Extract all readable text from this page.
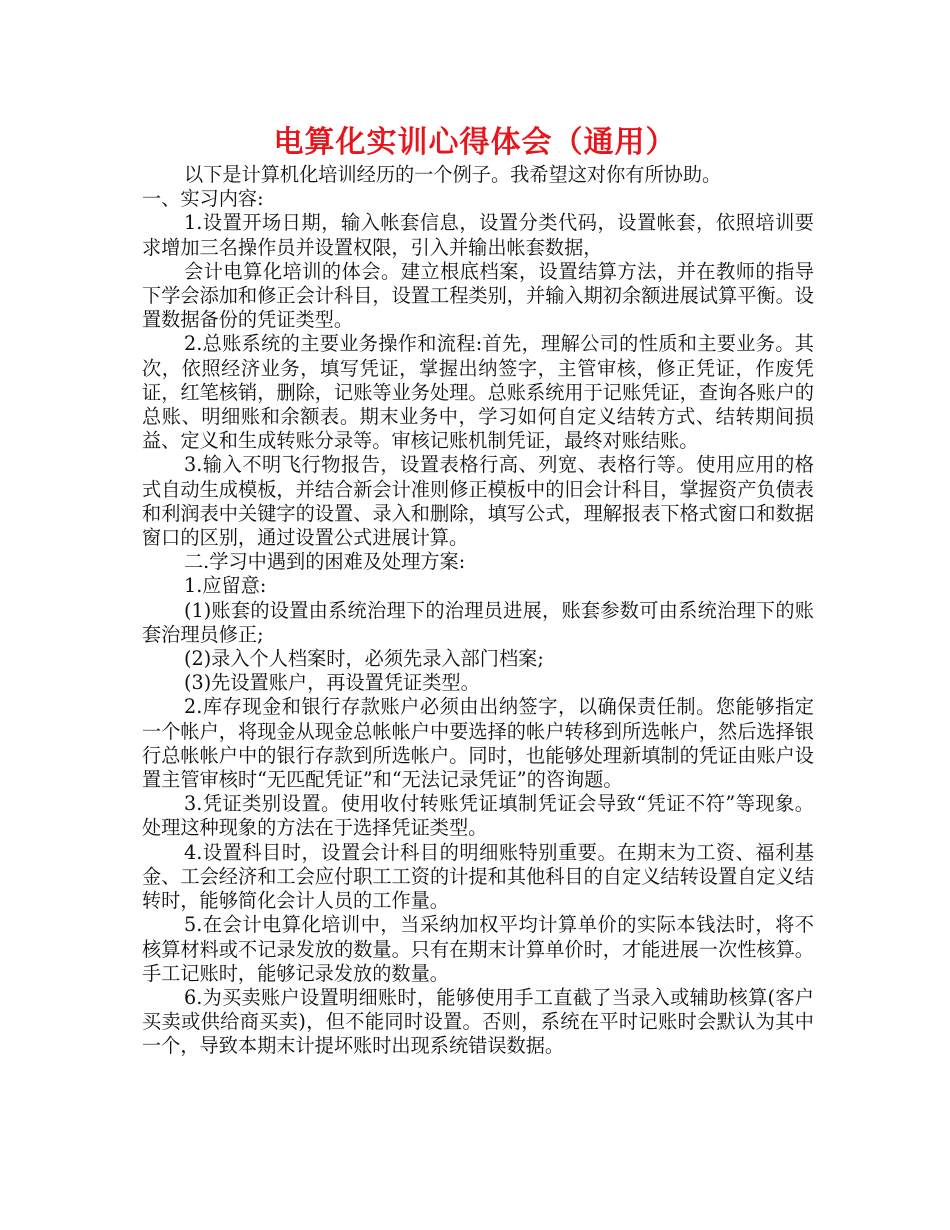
电算化实训心得体会（通用）

以下是计算机化培训经历的一个例子。我希望这对你有所协助。

一、实习内容:

1.设置开场日期，输入帐套信息，设置分类代码，设置帐套，依照培训要求增加三名操作员并设置权限，引入并输出帐套数据，

会计电算化培训的体会。建立根底档案，设置结算方法，并在教师的指导下学会添加和修正会计科目，设置工程类别，并输入期初余额进展试算平衡。设置数据备份的凭证类型。

2.总账系统的主要业务操作和流程:首先，理解公司的性质和主要业务。其次，依照经济业务，填写凭证，掌握出纳签字，主管审核，修正凭证，作废凭证，红笔核销，删除，记账等业务处理。总账系统用于记账凭证，查询各账户的总账、明细账和余额表。期末业务中，学习如何自定义结转方式、结转期间损益、定义和生成转账分录等。审核记账机制凭证，最终对账结账。

3.输入不明飞行物报告，设置表格行高、列宽、表格行等。使用应用的格式自动生成模板，并结合新会计准则修正模板中的旧会计科目，掌握资产负债表和利润表中关键字的设置、录入和删除，填写公式，理解报表下格式窗口和数据窗口的区别，通过设置公式进展计算。

二.学习中遇到的困难及处理方案:

1.应留意:

(1)账套的设置由系统治理下的治理员进展，账套参数可由系统治理下的账套治理员修正;

(2)录入个人档案时，必须先录入部门档案;

(3)先设置账户，再设置凭证类型。

2.库存现金和银行存款账户必须由出纳签字，以确保责任制。您能够指定一个帐户，将现金从现金总帐帐户中要选择的帐户转移到所选帐户，然后选择银行总帐帐户中的银行存款到所选帐户。同时，也能够处理新填制的凭证由账户设置主管审核时“无匹配凭证”和“无法记录凭证”的咨询题。

3.凭证类别设置。使用收付转账凭证填制凭证会导致“凭证不符”等现象。处理这种现象的方法在于选择凭证类型。

4.设置科目时，设置会计科目的明细账特别重要。在期末为工资、福利基金、工会经济和工会应付职工工资的计提和其他科目的自定义结转设置自定义结转时，能够简化会计人员的工作量。

5.在会计电算化培训中，当采纳加权平均计算单价的实际本钱法时，将不核算材料或不记录发放的数量。只有在期末计算单价时，才能进展一次性核算。手工记账时，能够记录发放的数量。

6.为买卖账户设置明细账时，能够使用手工直截了当录入或辅助核算(客户买卖或供给商买卖)，但不能同时设置。否则，系统在平时记账时会默认为其中一个，导致本期末计提坏账时出现系统错误数据。
